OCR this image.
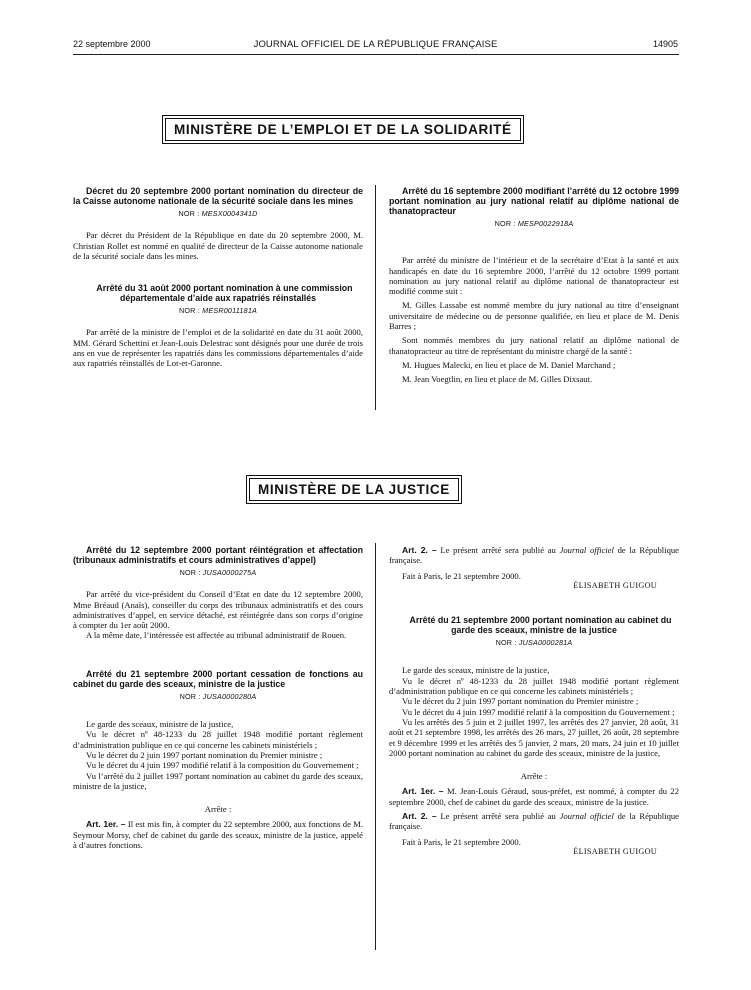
22 septembre 2000	JOURNAL OFFICIEL DE LA RÉPUBLIQUE FRANÇAISE	14905
MINISTÈRE DE L’EMPLOI ET DE LA SOLIDARITÉ

Décret du 20 septembre 2000 portant nomination du directeur de la Caisse autonome nationale de la sécurité sociale dans les mines

NOR : MESX0004341D

Par décret du Président de la République en date du 20 septembre 2000, M. Christian Rollet est nommé en qualité de directeur de la Caisse autonome nationale de la sécurité sociale dans les mines.

Arrêté du 31 août 2000 portant nomination à une commission départementale d’aide aux rapatriés réinstallés

NOR : MESR0011181A

Par arrêté de la ministre de l’emploi et de la solidarité en date du 31 août 2000, MM. Gérard Schettini et Jean-Louis Delestrac sont désignés pour une durée de trois ans en vue de représenter les rapatriés dans les commissions départementales d’aide aux rapatriés réinstallés de Lot-et-Garonne.

Arrêté du 16 septembre 2000 modifiant l’arrêté du 12 octobre 1999 portant nomination au jury national relatif au diplôme national de thanatopracteur

NOR : MESP0022918A

Par arrêté du ministre de l’intérieur et de la secrétaire d’Etat à la santé et aux handicapés en date du 16 septembre 2000, l’arrêté du 12 octobre 1999 portant nomination au jury national relatif au diplôme national de thanatopracteur est modifié comme suit :

M. Gilles Lassabe est nommé membre du jury national au titre d’enseignant universitaire de médecine ou de personne qualifiée, en lieu et place de M. Denis Barres ;

Sont nommés membres du jury national relatif au diplôme national de thanatopracteur au titre de représentant du ministre chargé de la santé :

M. Hugues Malecki, en lieu et place de M. Daniel Marchand ;

M. Jean Voegtlin, en lieu et place de M. Gilles Dixsaut.

MINISTÈRE DE LA JUSTICE

Arrêté du 12 septembre 2000 portant réintégration et affectation (tribunaux administratifs et cours administratives d’appel)

NOR : JUSA0000275A

Par arrêté du vice-président du Conseil d’Etat en date du 12 septembre 2000, Mme Bréaud (Anaïs), conseiller du corps des tribunaux administratifs et des cours administratives d’appel, en service détaché, est réintégrée dans son corps d’origine à compter du 1er août 2000.

A la même date, l’intéressée est affectée au tribunal administratif de Rouen.

Arrêté du 21 septembre 2000 portant cessation de fonctions au cabinet du garde des sceaux, ministre de la justice

NOR : JUSA0000280A

Le garde des sceaux, ministre de la justice,

Vu le décret nº 48-1233 du 28 juillet 1948 modifié portant règlement d’administration publique en ce qui concerne les cabinets ministériels ;

Vu le décret du 2 juin 1997 portant nomination du Premier ministre ;

Vu le décret du 4 juin 1997 modifié relatif à la composition du Gouvernement ;

Vu l’arrêté du 2 juillet 1997 portant nomination au cabinet du garde des sceaux, ministre de la justice,

Arrête :

Art. 1er. – Il est mis fin, à compter du 22 septembre 2000, aux fonctions de M. Seymour Morsy, chef de cabinet du garde des sceaux, ministre de la justice, appelé à d’autres fonctions.

Art. 2. – Le présent arrêté sera publié au Journal officiel de la République française.

Fait à Paris, le 21 septembre 2000.

ÉLISABETH GUIGOU

Arrêté du 21 septembre 2000 portant nomination au cabinet du garde des sceaux, ministre de la justice

NOR : JUSA0000281A

Le garde des sceaux, ministre de la justice,

Vu le décret nº 48-1233 du 28 juillet 1948 modifié portant règlement d’administration publique en ce qui concerne les cabinets ministériels ;

Vu le décret du 2 juin 1997 portant nomination du Premier ministre ;

Vu le décret du 4 juin 1997 modifié relatif à la composition du Gouvernement ;

Vu les arrêtés des 5 juin et 2 juillet 1997, les arrêtés des 27 janvier, 28 août, 31 août et 21 septembre 1998, les arrêtés des 26 mars, 27 juillet, 26 août, 28 septembre et 9 décembre 1999 et les arrêtés des 5 janvier, 2 mars, 20 mars, 24 juin et 10 juillet 2000 portant nomination au cabinet du garde des sceaux, ministre de la justice,

Arrête :

Art. 1er. – M. Jean-Louis Géraud, sous-préfet, est nommé, à compter du 22 septembre 2000, chef de cabinet du garde des sceaux, ministre de la justice.

Art. 2. – Le présent arrêté sera publié au Journal officiel de la République française.

Fait à Paris, le 21 septembre 2000.

ÉLISABETH GUIGOU
